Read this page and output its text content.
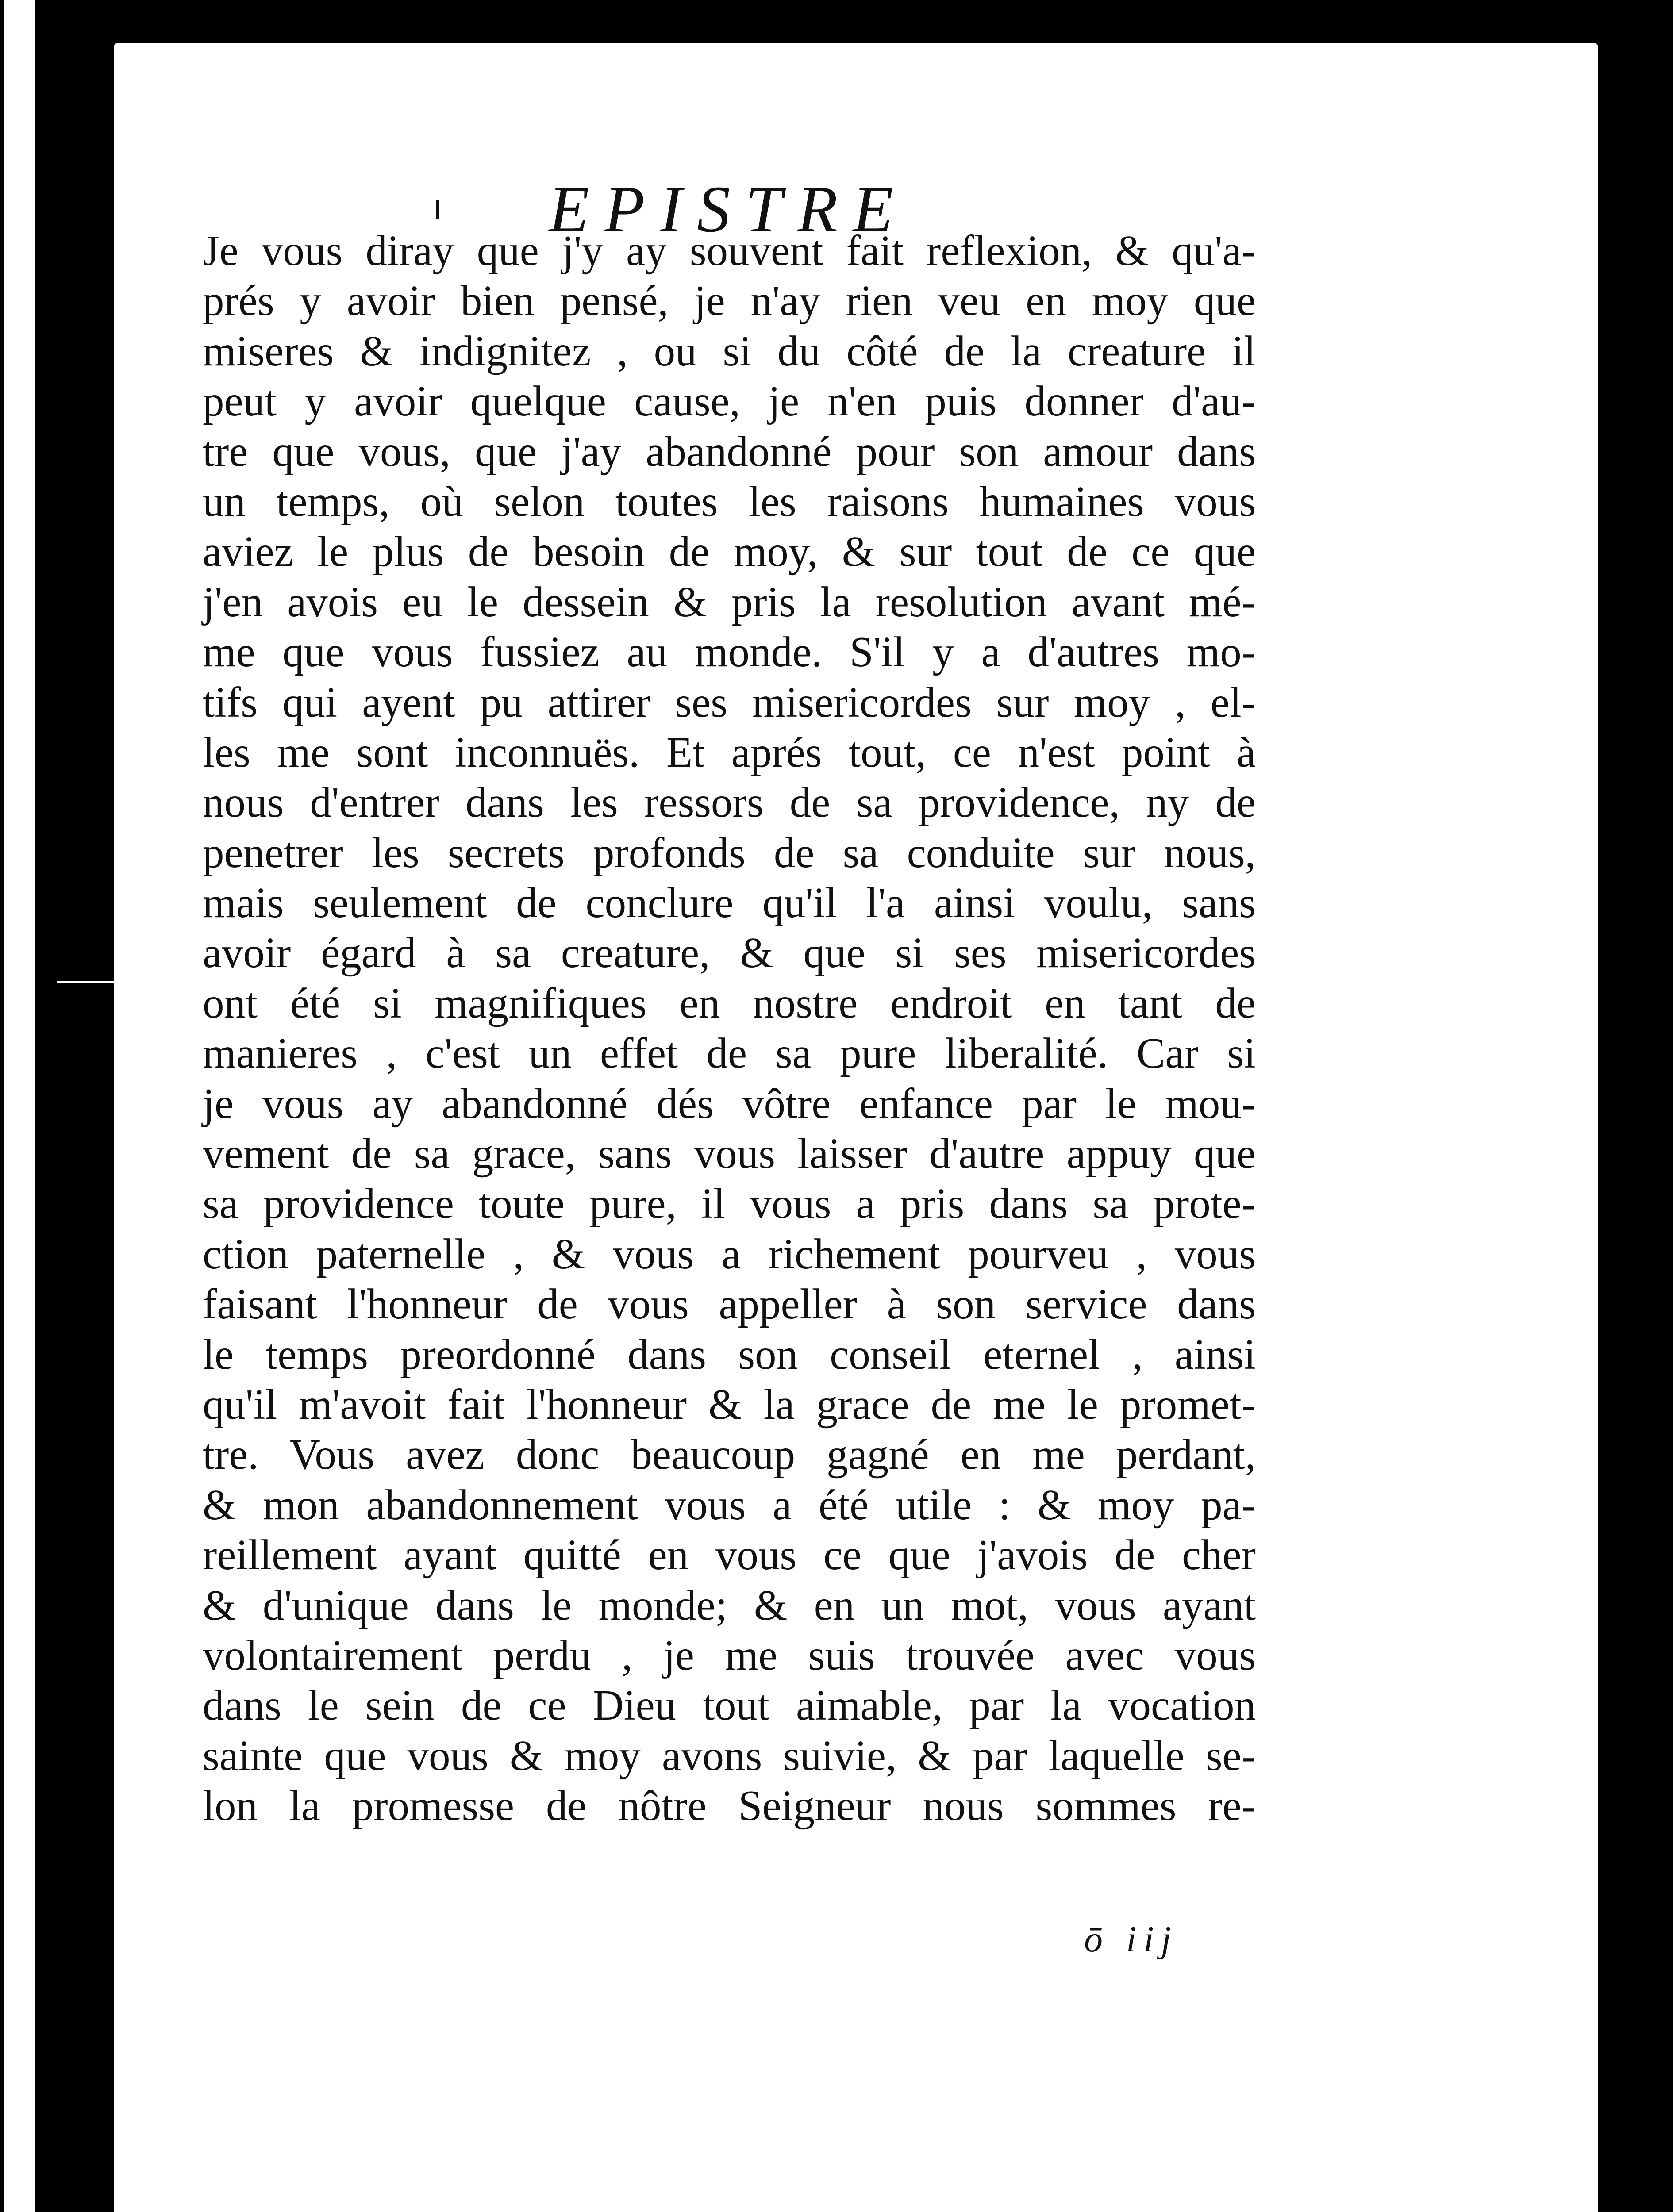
EPISTRE
Je vous diray que j'y ay souvent fait reflexion, & qu'a-
prés y avoir bien pensé, je n'ay rien veu en moy que
miseres & indignitez , ou si du côté de la creature il
peut y avoir quelque cause, je n'en puis donner d'au-
tre que vous, que j'ay abandonné pour son amour dans
un temps, où selon toutes les raisons humaines vous
aviez le plus de besoin de moy, & sur tout de ce que
j'en avois eu le dessein & pris la resolution avant mé-
me que vous fussiez au monde. S'il y a d'autres mo-
tifs qui ayent pu attirer ses misericordes sur moy , el-
les me sont inconnuës. Et aprés tout, ce n'est point à
nous d'entrer dans les ressors de sa providence, ny de
penetrer les secrets profonds de sa conduite sur nous,
mais seulement de conclure qu'il l'a ainsi voulu, sans
avoir égard à sa creature, & que si ses misericordes
ont été si magnifiques en nostre endroit en tant de
manieres , c'est un effet de sa pure liberalité. Car si
je vous ay abandonné dés vôtre enfance par le mou-
vement de sa grace, sans vous laisser d'autre appuy que
sa providence toute pure, il vous a pris dans sa prote-
ction paternelle , & vous a richement pourveu , vous
faisant l'honneur de vous appeller à son service dans
le temps preordonné dans son conseil eternel , ainsi
qu'il m'avoit fait l'honneur & la grace de me le promet-
tre. Vous avez donc beaucoup gagné en me perdant,
& mon abandonnement vous a été utile : & moy pa-
reillement ayant quitté en vous ce que j'avois de cher
& d'unique dans le monde; & en un mot, vous ayant
volontairement perdu , je me suis trouvée avec vous
dans le sein de ce Dieu tout aimable, par la vocation
sainte que vous & moy avons suivie, & par laquelle se-
lon la promesse de nôtre Seigneur nous sommes re-
ō iij
